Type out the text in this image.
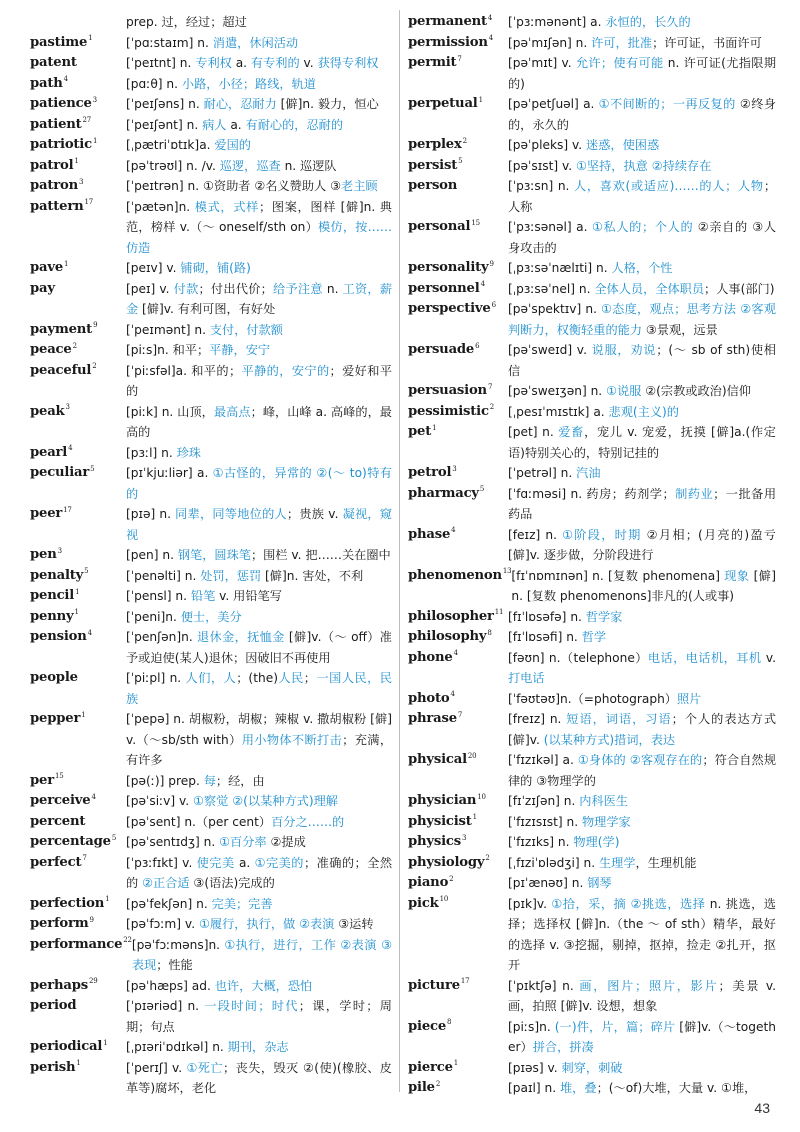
prep. 过，经过；超过
pastime$^1$	[ˈpɑːstaɪm] n. 消遣，休闲活动
patent	[ˈpeɪtnt] n. 专利权 a. 有专利的 v. 获得专利权
path$^4$	[pɑːθ] n. 小路，小径；路线，轨道
patience$^3$	[ˈpeɪʃəns] n. 耐心，忍耐力 [僻]n. 毅力，恒心
patient$^{27}$	[ˈpeɪʃənt] n. 病人 a. 有耐心的，忍耐的
patriotic$^1$	[ˌpætriˈɒtɪk]a. 爱国的
patrol$^1$	[pəˈtrəʊl] n. /v. 巡逻，巡查 n. 巡逻队
patron$^3$	[ˈpeɪtrən] n. ①资助者 ②名义赞助人 ③老主顾
pattern$^{17}$	[ˈpætən]n. 模式，式样；图案，图样 [僻]n. 典范，榜样 v.（～ oneself/sth on）模仿，按……仿造
pave$^1$	[peɪv] v. 铺砌，铺(路)
pay	[peɪ] v. 付款；付出代价；给予注意 n. 工资，薪金 [僻]v. 有利可图，有好处
payment$^9$	[ˈpeɪmənt] n. 支付，付款额
peace$^2$	[piːs]n. 和平；平静，安宁
peaceful$^2$	[ˈpiːsfəl]a. 和平的；平静的，安宁的；爱好和平的
peak$^3$	[piːk] n. 山顶，最高点；峰，山峰 a. 高峰的，最高的
pearl$^4$	[pɜːl] n. 珍珠
peculiar$^5$	[pɪˈkjuːliər] a. ①古怪的，异常的 ②(～ to)特有的
peer$^{17}$	[pɪə] n. 同辈，同等地位的人；贵族 v. 凝视，窥视
pen$^3$	[pen] n. 钢笔，圆珠笔；围栏 v. 把……关在圈中
penalty$^5$	[ˈpenəlti] n. 处罚，惩罚 [僻]n. 害处，不利
pencil$^1$	[ˈpensl] n. 铅笔 v. 用铅笔写
penny$^1$	[ˈpeni]n. 便士，美分
pension$^4$	[ˈpenʃən]n. 退休金，抚恤金 [僻]v.（～ off）准予或迫使(某人)退休；因破旧不再使用
people	[ˈpiːpl] n. 人们，人；(the)人民；一国人民，民族
pepper$^1$	[ˈpepə] n. 胡椒粉，胡椒；辣椒 v. 撒胡椒粉 [僻]v.（～sb/sth with）用小物体不断打击；充满，有许多
per$^{15}$	[pə(ː)] prep. 每；经，由
perceive$^4$	[pəˈsiːv] v. ①察觉 ②(以某种方式)理解
percent	[pəˈsent] n.（per cent）百分之……的
percentage$^5$ [pəˈsentɪdʒ] n. ①百分率 ②提成
perfect$^7$	[ˈpɜːfɪkt] v. 使完美 a. ①完美的；准确的；全然的 ②正合适 ③(语法)完成的
perfection$^1$	[pəˈfekʃən] n. 完美；完善
perform$^9$	[pəˈfɔːm] v. ①履行，执行，做 ②表演 ③运转
performance$^{22}$ [pəˈfɔːməns]n. ①执行，进行，工作 ②表演 ③表现；性能
perhaps$^{29}$	[pəˈhæps] ad. 也许，大概，恐怕
period	[ˈpɪəriəd] n. 一段时间；时代；课，学时；周期；句点
periodical$^1$	[ˌpɪəriˈɒdɪkəl] n. 期刊，杂志
perish$^1$	[ˈperɪʃ] v. ①死亡；丧失，毁灭 ②(使)(橡胶、皮革等)腐坏，老化
permanent$^4$	[ˈpɜːmənənt] a. 永恒的，长久的
permission$^4$	[pəˈmɪʃən] n. 许可，批准；许可证，书面许可
permit$^7$	[pəˈmɪt] v. 允许；使有可能 n. 许可证(尤指限期的)
perpetual$^1$	[pəˈpetʃuəl] a. ①不间断的；一再反复的 ②终身的，永久的
perplex$^2$	[pəˈpleks] v. 迷惑，使困惑
persist$^5$	[pəˈsɪst] v. ①坚持，执意 ②持续存在
person	[ˈpɜːsn] n. 人，喜欢(或适应)……的人；人物；人称
personal$^{15}$	[ˈpɜːsənəl] a. ①私人的；个人的 ②亲自的 ③人身攻击的
personality$^9$	[ˌpɜːsəˈnælɪti] n. 人格，个性
personnel$^4$	[ˌpɜːsəˈnel] n. 全体人员，全体职员；人事(部门)
perspective$^6$ [pəˈspektɪv] n. ①态度，观点；思考方法 ②客观判断力，权衡轻重的能力 ③景观，远景
persuade$^6$	[pəˈsweɪd] v. 说服，劝说；(～ sb of sth)使相信
persuasion$^7$	[pəˈsweɪʒən] n. ①说服 ②(宗教或政治)信仰
pessimistic$^2$	[ˌpesɪˈmɪstɪk] a. 悲观(主义)的
pet$^1$	[pet] n. 爱畜，宠儿 v. 宠爱，抚摸 [僻]a.(作定语)特别关心的，特别记挂的
petrol$^3$	[ˈpetrəl] n. 汽油
pharmacy$^5$	[ˈfɑːməsi] n. 药房；药剂学；制药业；一批备用药品
phase$^4$	[feɪz] n. ①阶段，时期 ②月相；(月亮的)盈亏 [僻]v. 逐步做，分阶段进行
phenomenon$^{13}$ [fɪˈnɒmɪnən] n. [复数 phenomena] 现象 [僻]n. [复数 phenomenons]非凡的(人或事)
philosopher$^{11}$ [fɪˈlɒsəfə] n. 哲学家
philosophy$^8$	[fɪˈlɒsəfi] n. 哲学
phone$^4$	[fəʊn] n.（telephone）电话，电话机，耳机 v. 打电话
photo$^4$	[ˈfəʊtəʊ]n.（=photograph）照片
phrase$^7$	[freɪz] n. 短语，词语，习语；个人的表达方式 [僻]v. (以某种方式)措词，表达
physical$^{20}$	[ˈfɪzɪkəl] a. ①身体的 ②客观存在的；符合自然规律的 ③物理学的
physician$^{10}$	[fɪˈzɪʃən] n. 内科医生
physicist$^1$	[ˈfɪzɪsɪst] n. 物理学家
physics$^3$	[ˈfɪzɪks] n. 物理(学)
physiology$^2$	[ˌfɪziˈɒlədʒi] n. 生理学，生理机能
piano$^2$	[pɪˈænəʊ] n. 钢琴
pick$^{10}$	[pɪk]v. ①拾，采，摘 ②挑选，选择 n. 挑选，选择；选择权 [僻]n.（the ～ of sth）精华，最好的选择 v. ③挖掘，剔掉，抠掉，捡走 ②扎开，抠开
picture$^{17}$	[ˈpɪktʃə] n. 画，图片；照片，影片；美景 v. 画，拍照 [僻]v. 设想，想象
piece$^8$	[piːs]n. (一)件，片，篇；碎片 [僻]v.（～together）拼合，拼凑
pierce$^1$	[pɪəs] v. 刺穿，刺破
pile$^2$	[paɪl] n. 堆，叠；(～of)大堆，大量 v. ①堆，
43
